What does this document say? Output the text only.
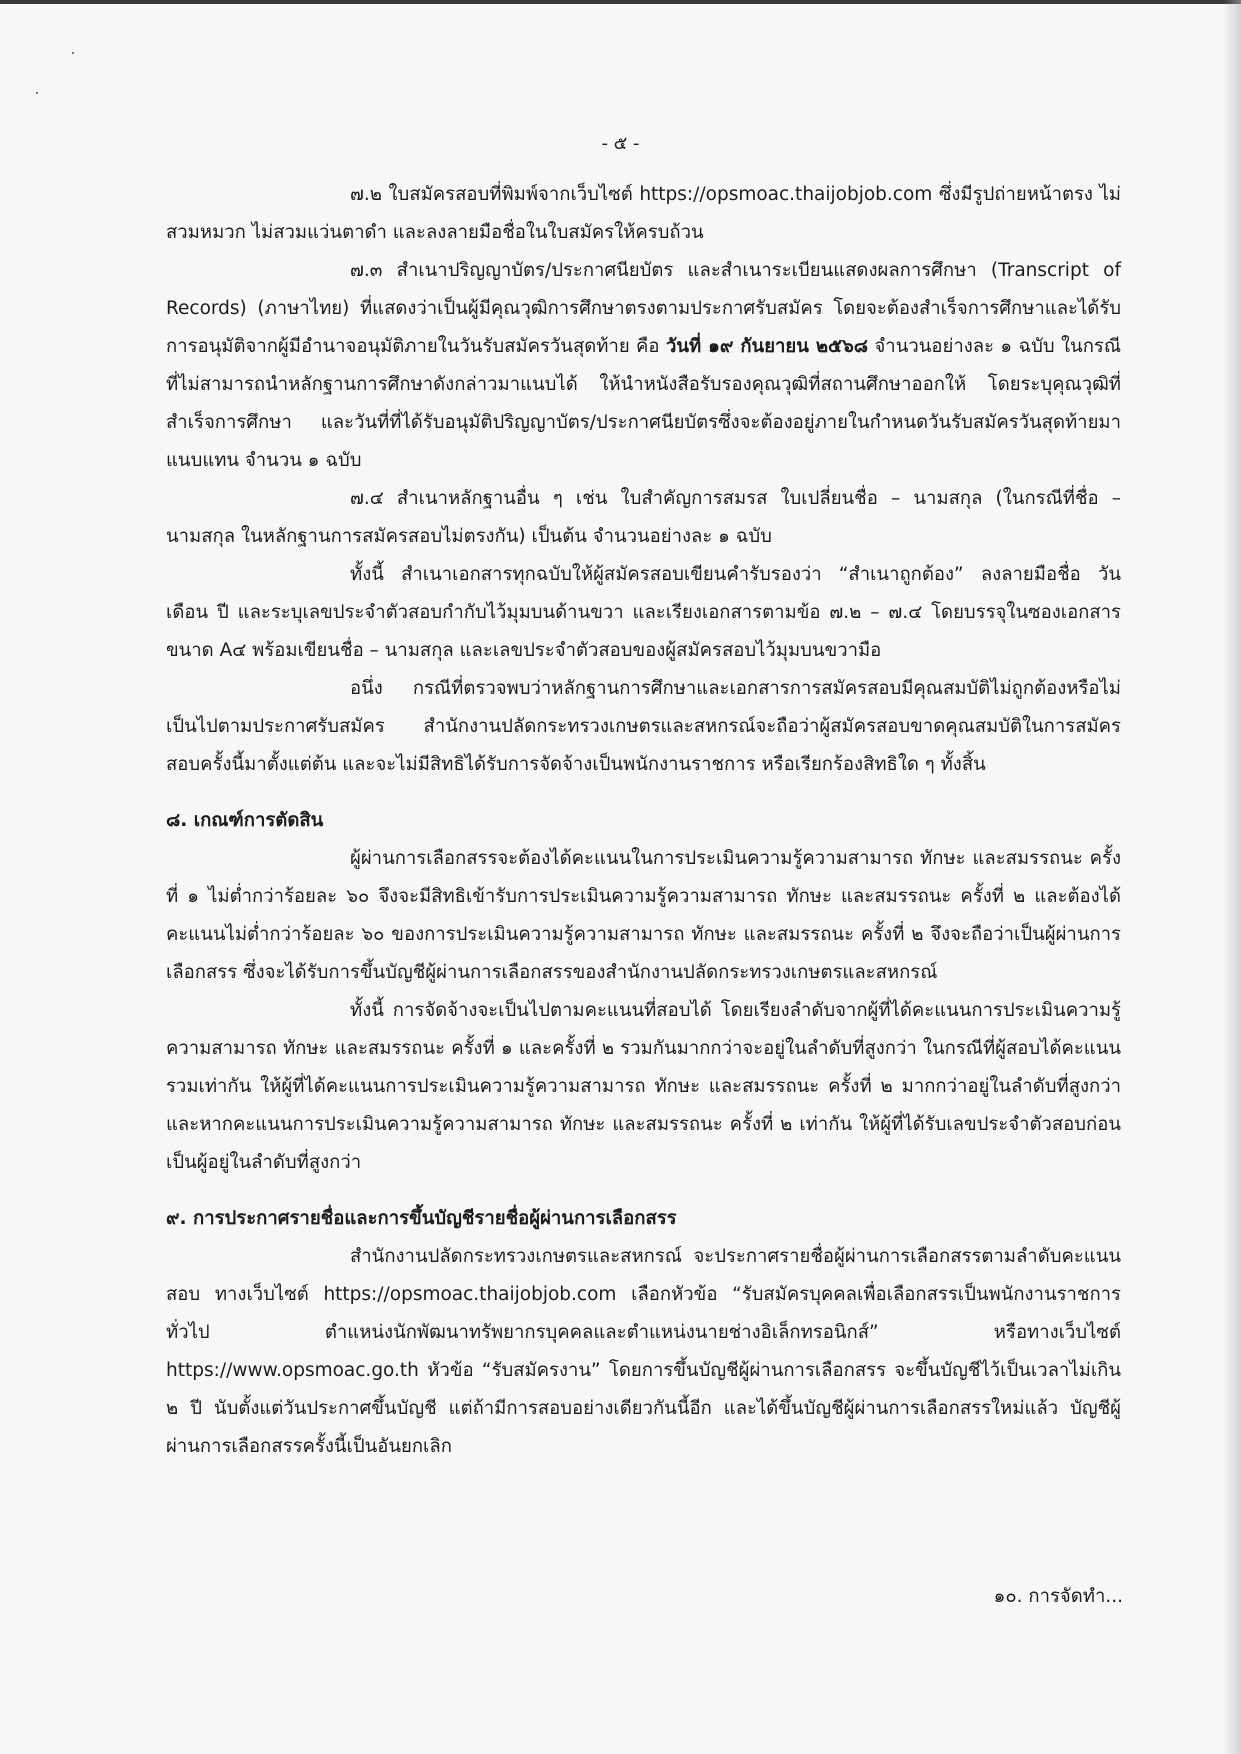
- ๕ -

๗.๒ ใบสมัครสอบที่พิมพ์จากเว็บไซต์ https://opsmoac.thaijobjob.com ซึ่งมีรูปถ่ายหน้าตรง ไม่สวมหมวก ไม่สวมแว่นตาดำ และลงลายมือชื่อในใบสมัครให้ครบถ้วน

๗.๓ สำเนาปริญญาบัตร/ประกาศนียบัตร และสำเนาระเบียนแสดงผลการศึกษา (Transcript of Records) (ภาษาไทย) ที่แสดงว่าเป็นผู้มีคุณวุฒิการศึกษาตรงตามประกาศรับสมัคร โดยจะต้องสำเร็จการศึกษาและได้รับการอนุมัติจากผู้มีอำนาจอนุมัติภายในวันรับสมัครวันสุดท้าย คือ วันที่ ๑๙ กันยายน ๒๕๖๘ จำนวนอย่างละ ๑ ฉบับ ในกรณีที่ไม่สามารถนำหลักฐานการศึกษาดังกล่าวมาแนบได้ ให้นำหนังสือรับรองคุณวุฒิที่สถานศึกษาออกให้ โดยระบุคุณวุฒิที่สำเร็จการศึกษา และวันที่ที่ได้รับอนุมัติปริญญาบัตร/ประกาศนียบัตรซึ่งจะต้องอยู่ภายในกำหนดวันรับสมัครวันสุดท้ายมาแนบแทน จำนวน ๑ ฉบับ

๗.๔ สำเนาหลักฐานอื่น ๆ เช่น ใบสำคัญการสมรส ใบเปลี่ยนชื่อ – นามสกุล (ในกรณีที่ชื่อ – นามสกุล ในหลักฐานการสมัครสอบไม่ตรงกัน) เป็นต้น จำนวนอย่างละ ๑ ฉบับ

ทั้งนี้ สำเนาเอกสารทุกฉบับให้ผู้สมัครสอบเขียนคำรับรองว่า “สำเนาถูกต้อง” ลงลายมือชื่อ วัน เดือน ปี และระบุเลขประจำตัวสอบกำกับไว้มุมบนด้านขวา และเรียงเอกสารตามข้อ ๗.๒ – ๗.๔ โดยบรรจุในซองเอกสารขนาด A๔ พร้อมเขียนชื่อ – นามสกุล และเลขประจำตัวสอบของผู้สมัครสอบไว้มุมบนขวามือ

อนึ่ง กรณีที่ตรวจพบว่าหลักฐานการศึกษาและเอกสารการสมัครสอบมีคุณสมบัติไม่ถูกต้องหรือไม่เป็นไปตามประกาศรับสมัคร สำนักงานปลัดกระทรวงเกษตรและสหกรณ์จะถือว่าผู้สมัครสอบขาดคุณสมบัติในการสมัครสอบครั้งนี้มาตั้งแต่ต้น และจะไม่มีสิทธิได้รับการจัดจ้างเป็นพนักงานราชการ หรือเรียกร้องสิทธิใด ๆ ทั้งสิ้น

๘. เกณฑ์การตัดสิน

ผู้ผ่านการเลือกสรรจะต้องได้คะแนนในการประเมินความรู้ความสามารถ ทักษะ และสมรรถนะ ครั้งที่ ๑ ไม่ต่ำกว่าร้อยละ ๖๐ จึงจะมีสิทธิเข้ารับการประเมินความรู้ความสามารถ ทักษะ และสมรรถนะ ครั้งที่ ๒ และต้องได้คะแนนไม่ต่ำกว่าร้อยละ ๖๐ ของการประเมินความรู้ความสามารถ ทักษะ และสมรรถนะ ครั้งที่ ๒ จึงจะถือว่าเป็นผู้ผ่านการเลือกสรร ซึ่งจะได้รับการขึ้นบัญชีผู้ผ่านการเลือกสรรของสำนักงานปลัดกระทรวงเกษตรและสหกรณ์

ทั้งนี้ การจัดจ้างจะเป็นไปตามคะแนนที่สอบได้ โดยเรียงลำดับจากผู้ที่ได้คะแนนการประเมินความรู้ ความสามารถ ทักษะ และสมรรถนะ ครั้งที่ ๑ และครั้งที่ ๒ รวมกันมากกว่าจะอยู่ในลำดับที่สูงกว่า ในกรณีที่ผู้สอบได้คะแนนรวมเท่ากัน ให้ผู้ที่ได้คะแนนการประเมินความรู้ความสามารถ ทักษะ และสมรรถนะ ครั้งที่ ๒ มากกว่าอยู่ในลำดับที่สูงกว่า และหากคะแนนการประเมินความรู้ความสามารถ ทักษะ และสมรรถนะ ครั้งที่ ๒ เท่ากัน ให้ผู้ที่ได้รับเลขประจำตัวสอบก่อนเป็นผู้อยู่ในลำดับที่สูงกว่า

๙. การประกาศรายชื่อและการขึ้นบัญชีรายชื่อผู้ผ่านการเลือกสรร

สำนักงานปลัดกระทรวงเกษตรและสหกรณ์ จะประกาศรายชื่อผู้ผ่านการเลือกสรรตามลำดับคะแนนสอบ ทางเว็บไซต์ https://opsmoac.thaijobjob.com เลือกหัวข้อ “รับสมัครบุคคลเพื่อเลือกสรรเป็นพนักงานราชการทั่วไป ตำแหน่งนักพัฒนาทรัพยากรบุคคลและตำแหน่งนายช่างอิเล็กทรอนิกส์” หรือทางเว็บไซต์ https://www.opsmoac.go.th หัวข้อ “รับสมัครงาน” โดยการขึ้นบัญชีผู้ผ่านการเลือกสรร จะขึ้นบัญชีไว้เป็นเวลาไม่เกิน ๒ ปี นับตั้งแต่วันประกาศขึ้นบัญชี แต่ถ้ามีการสอบอย่างเดียวกันนี้อีก และได้ขึ้นบัญชีผู้ผ่านการเลือกสรรใหม่แล้ว บัญชีผู้ผ่านการเลือกสรรครั้งนี้เป็นอันยกเลิก

๑๐. การจัดทำ...
